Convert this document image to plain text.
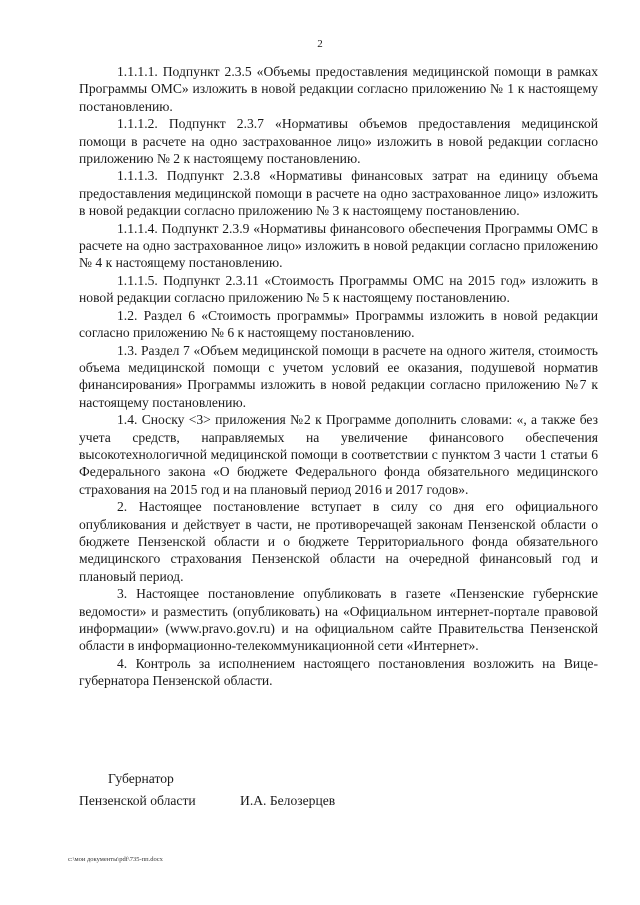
2

1.1.1.1. Подпункт 2.3.5 «Объемы предоставления медицинской помощи в рамках Программы ОМС» изложить в новой редакции согласно приложению № 1 к настоящему постановлению.

1.1.1.2. Подпункт 2.3.7 «Нормативы объемов предоставления медицинской помощи в расчете на одно застрахованное лицо» изложить в новой редакции согласно приложению № 2 к настоящему постановлению.

1.1.1.3. Подпункт 2.3.8 «Нормативы финансовых затрат на единицу объема предоставления медицинской помощи в расчете на одно застрахованное лицо» изложить в новой редакции согласно приложению № 3 к настоящему постановлению.

1.1.1.4. Подпункт 2.3.9 «Нормативы финансового обеспечения Программы ОМС в расчете на одно застрахованное лицо» изложить в новой редакции согласно приложению № 4 к настоящему постановлению.

1.1.1.5. Подпункт 2.3.11 «Стоимость Программы ОМС на 2015 год» изложить в новой редакции согласно приложению № 5 к настоящему постановлению.

1.2. Раздел 6 «Стоимость программы» Программы изложить в новой редакции согласно приложению № 6 к настоящему постановлению.

1.3. Раздел 7 «Объем медицинской помощи в расчете на одного жителя, стоимость объема медицинской помощи с учетом условий ее оказания, подушевой норматив финансирования» Программы изложить в новой редакции согласно приложению №7 к настоящему постановлению.

1.4. Сноску <3> приложения №2 к Программе дополнить словами: «, а также без учета средств, направляемых на увеличение финансового обеспечения высокотехнологичной медицинской помощи в соответствии с пунктом 3 части 1 статьи 6 Федерального закона «О бюджете Федерального фонда обязательного медицинского страхования на 2015 год и на плановый период 2016 и 2017 годов».

2. Настоящее постановление вступает в силу со дня его официального опубликования и действует в части, не противоречащей законам Пензенской области о бюджете Пензенской области и о бюджете Территориального фонда обязательного медицинского страхования Пензенской области на очередной финансовый год и плановый период.

3. Настоящее постановление опубликовать в газете «Пензенские губернские ведомости» и разместить (опубликовать) на «Официальном интернет-портале правовой информации» (www.pravo.gov.ru) и на официальном сайте Правительства Пензенской области в информационно-телекоммуникационной сети «Интернет».

4. Контроль за исполнением настоящего постановления возложить на Вице-губернатора Пензенской области.

Губернатор
Пензенской области	И.А. Белозерцев
c:\мои документы\pdf\735-пп.docx
